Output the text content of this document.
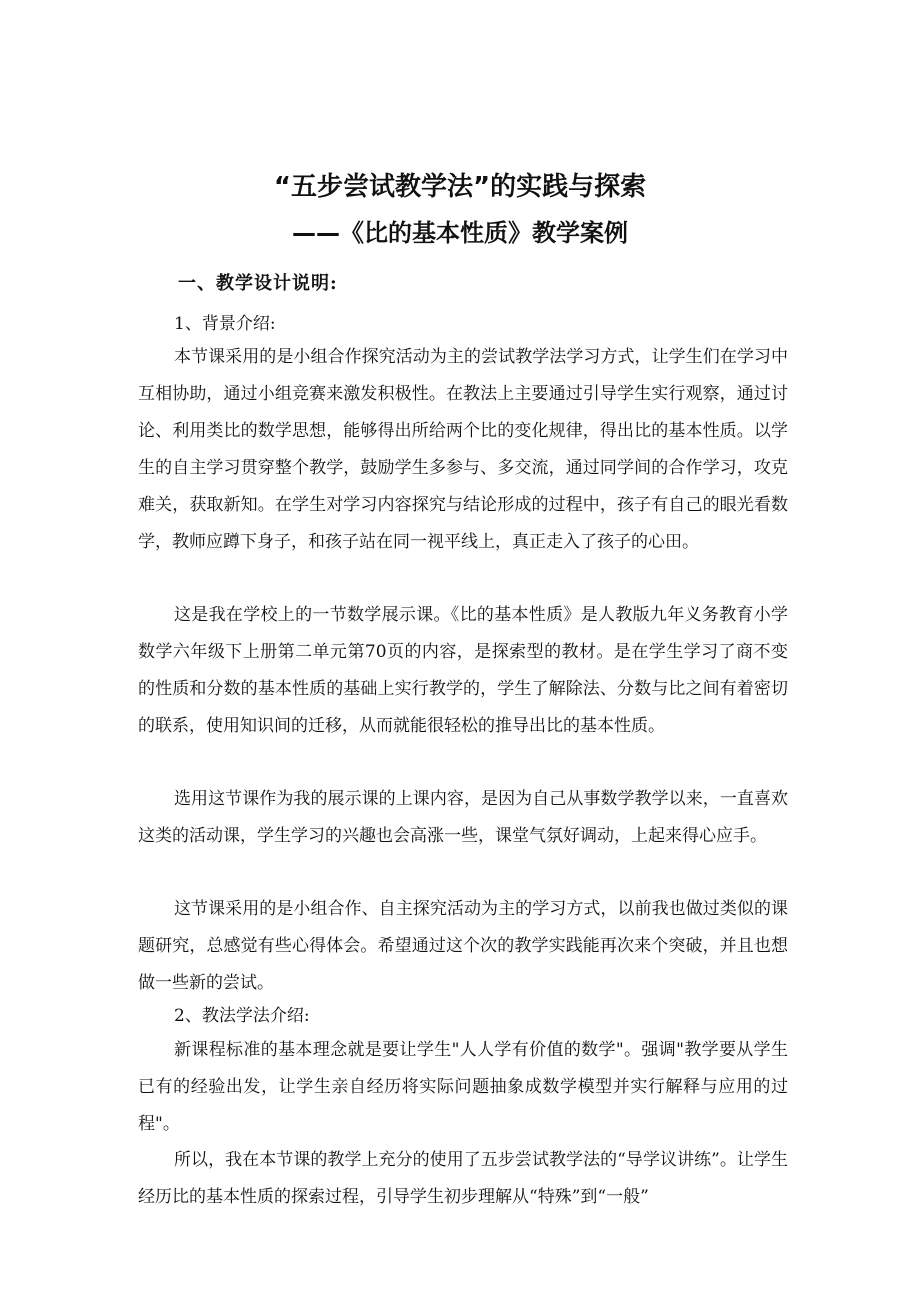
“五步尝试教学法”的实践与探索
——《比的基本性质》教学案例
一、教学设计说明:
1、背景介绍:
本节课采用的是小组合作探究活动为主的尝试教学法学习方式，让学生们在学习中互相协助，通过小组竞赛来激发积极性。在教法上主要通过引导学生实行观察，通过讨论、利用类比的数学思想，能够得出所给两个比的变化规律，得出比的基本性质。以学生的自主学习贯穿整个教学，鼓励学生多参与、多交流，通过同学间的合作学习，攻克难关，获取新知。在学生对学习内容探究与结论形成的过程中，孩子有自己的眼光看数学，教师应蹲下身子，和孩子站在同一视平线上，真正走入了孩子的心田。
这是我在学校上的一节数学展示课。《比的基本性质》是人教版九年义务教育小学数学六年级下上册第二单元第70页的内容，是探索型的教材。是在学生学习了商不变的性质和分数的基本性质的基础上实行教学的，学生了解除法、分数与比之间有着密切的联系，使用知识间的迁移，从而就能很轻松的推导出比的基本性质。
选用这节课作为我的展示课的上课内容，是因为自己从事数学教学以来，一直喜欢这类的活动课，学生学习的兴趣也会高涨一些，课堂气氛好调动，上起来得心应手。
这节课采用的是小组合作、自主探究活动为主的学习方式，以前我也做过类似的课题研究，总感觉有些心得体会。希望通过这个次的教学实践能再次来个突破，并且也想做一些新的尝试。
2、教法学法介绍:
新课程标准的基本理念就是要让学生"人人学有价值的数学"。强调"教学要从学生已有的经验出发，让学生亲自经历将实际问题抽象成数学模型并实行解释与应用的过程"。
所以，我在本节课的教学上充分的使用了五步尝试教学法的“导学议讲练”。让学生经历比的基本性质的探索过程，引导学生初步理解从“特殊”到“一般”
